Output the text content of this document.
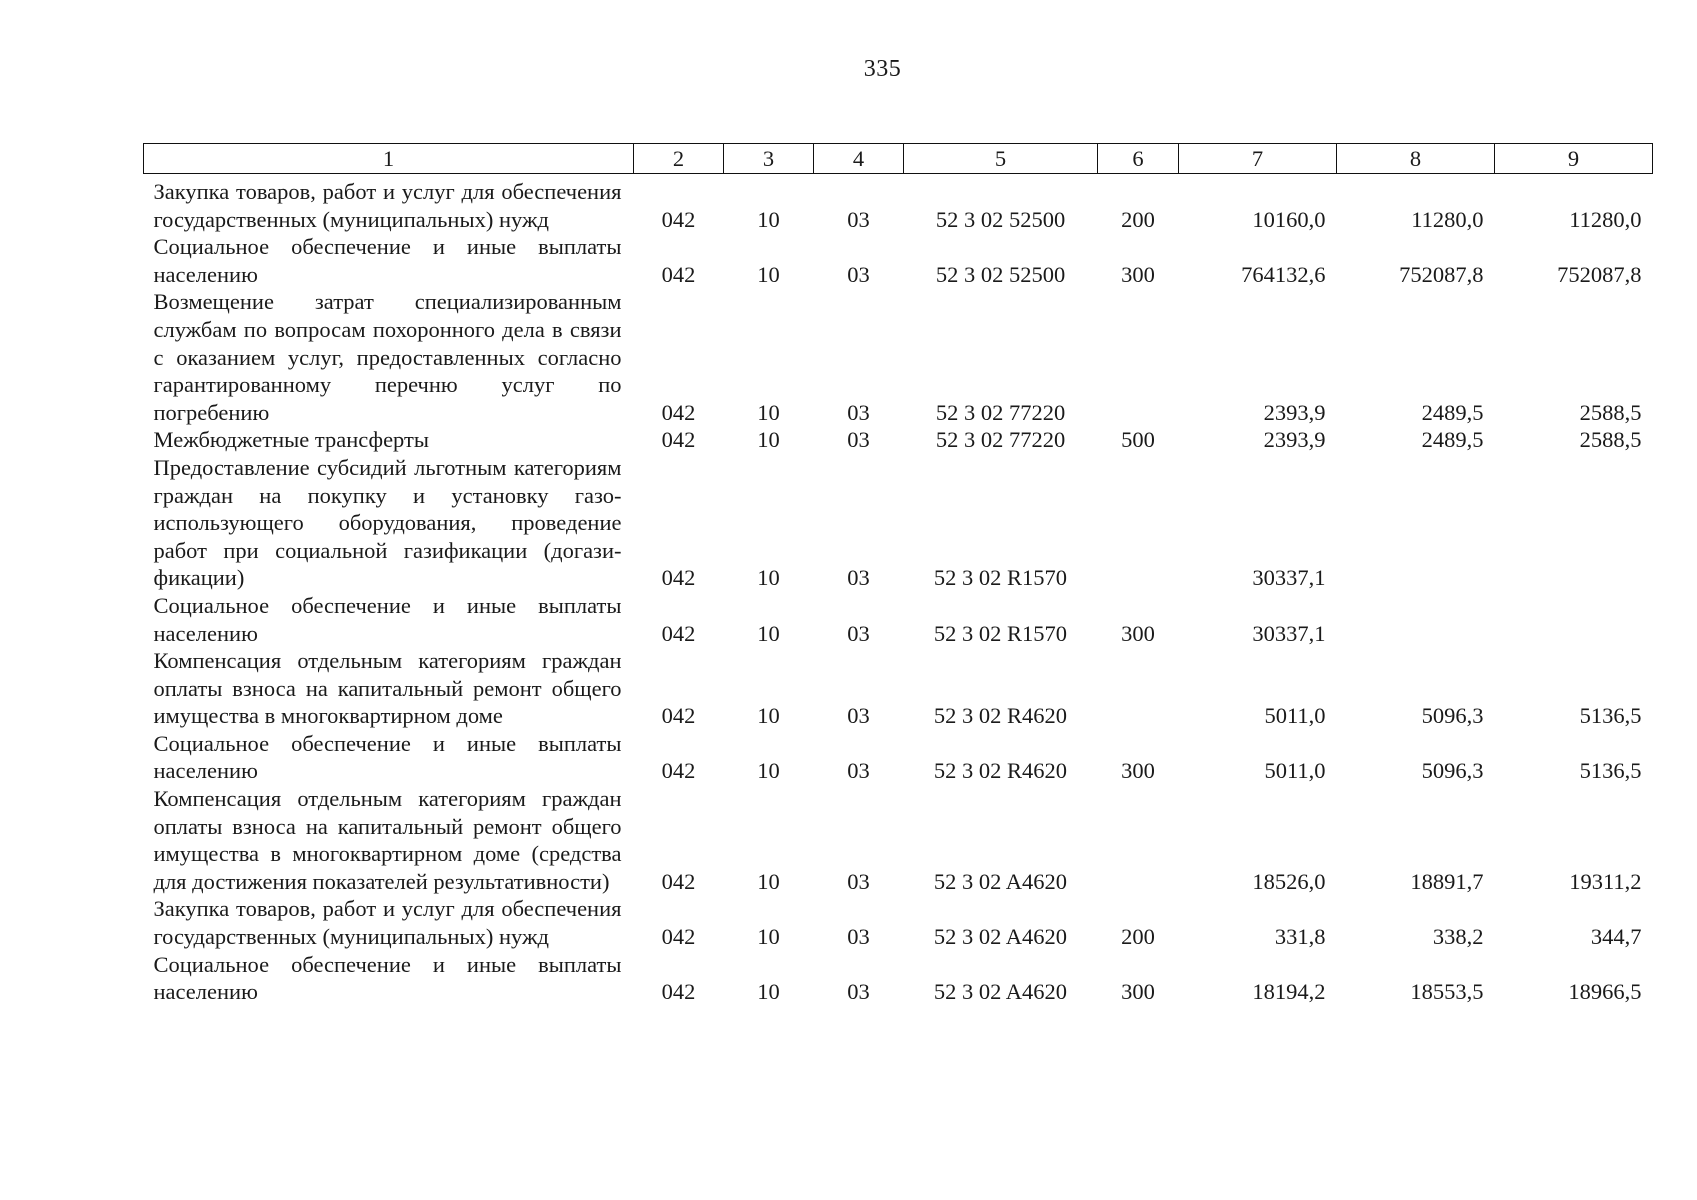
335
1	2	3	4	5	6	7	8	9
Закупка товаров, работ и услуг для обеспечения государственных (муниципальных) нужд	042	10	03	52 3 02 52500	200	10160,0	11280,0	11280,0
Социальное обеспечение и иные выплаты населению	042	10	03	52 3 02 52500	300	764132,6	752087,8	752087,8
Возмещение затрат специализированным службам по вопросам похоронного дела в связи с оказанием услуг, предоставленных согласно гарантированному перечню услуг по погребению	042	10	03	52 3 02 77220		2393,9	2489,5	2588,5
Межбюджетные трансферты	042	10	03	52 3 02 77220	500	2393,9	2489,5	2588,5
Предоставление субсидий льготным категориям граждан на покупку и установку газоиспользующего оборудования, проведение работ при социальной газификации (догазификации)	042	10	03	52 3 02 R1570		30337,1		
Социальное обеспечение и иные выплаты населению	042	10	03	52 3 02 R1570	300	30337,1		
Компенсация отдельным категориям граждан оплаты взноса на капитальный ремонт общего имущества в многоквартирном доме	042	10	03	52 3 02 R4620		5011,0	5096,3	5136,5
Социальное обеспечение и иные выплаты населению	042	10	03	52 3 02 R4620	300	5011,0	5096,3	5136,5
Компенсация отдельным категориям граждан оплаты взноса на капитальный ремонт общего имущества в многоквартирном доме (средства для достижения показателей результативности)	042	10	03	52 3 02 A4620		18526,0	18891,7	19311,2
Закупка товаров, работ и услуг для обеспечения государственных (муниципальных) нужд	042	10	03	52 3 02 A4620	200	331,8	338,2	344,7
Социальное обеспечение и иные выплаты населению	042	10	03	52 3 02 A4620	300	18194,2	18553,5	18966,5
